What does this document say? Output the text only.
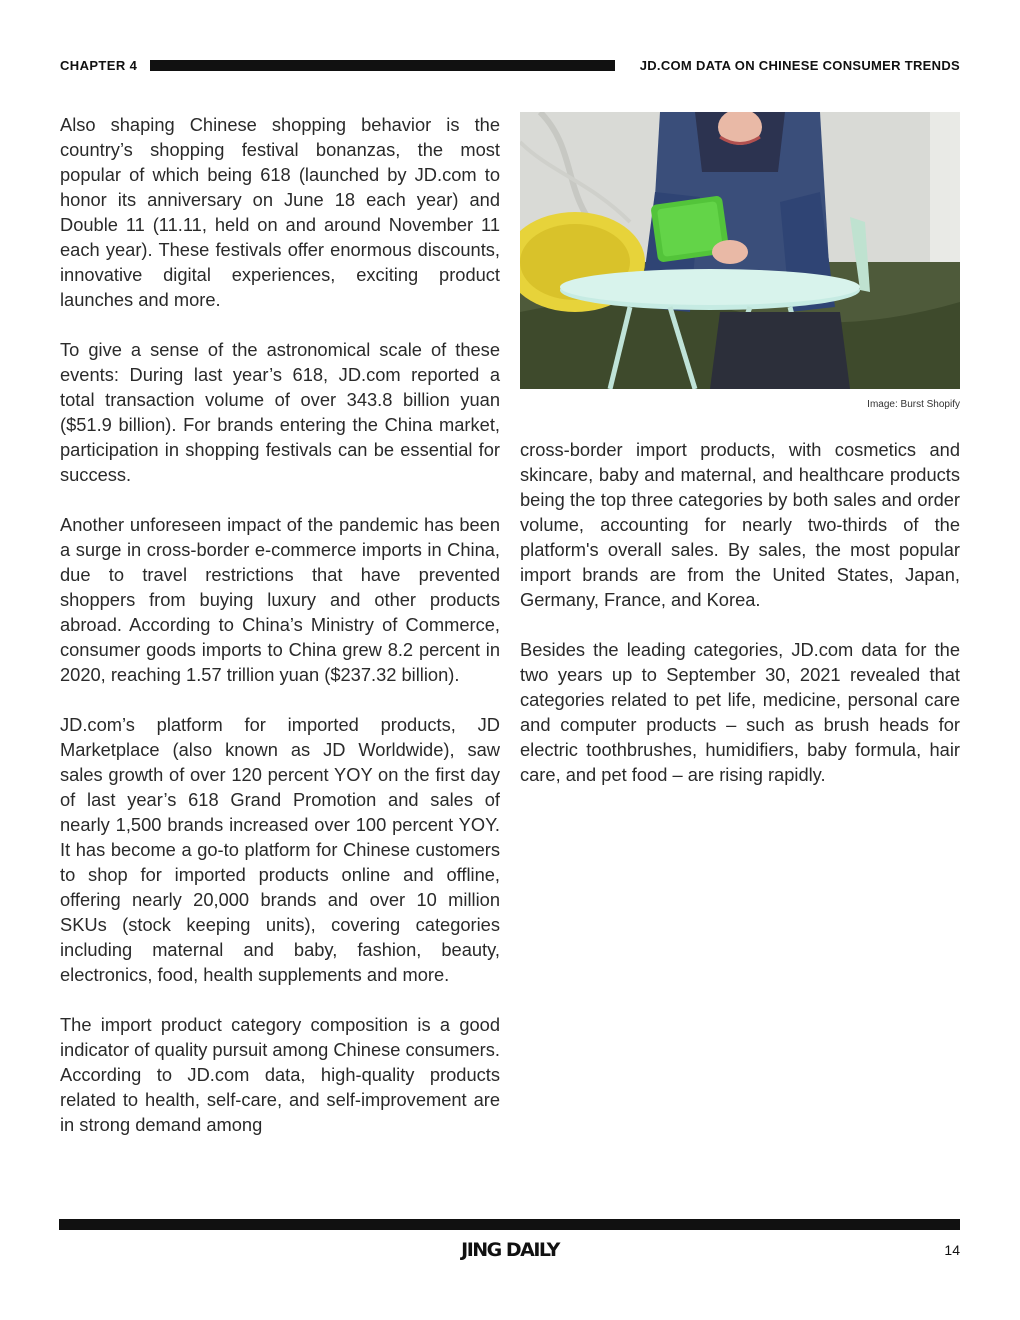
CHAPTER 4	JD.COM DATA ON CHINESE CONSUMER TRENDS

Also shaping Chinese shopping behavior is the country’s shopping festival bonanzas, the most popular of which being 618 (launched by JD.com to honor its anniversary on June 18 each year) and Double 11 (11.11, held on and around November 11 each year). These festivals offer enormous discounts, innovative digital experiences, exciting product launches and more.

To give a sense of the astronomical scale of these events: During last year’s 618, JD.com reported a total transaction volume of over 343.8 billion yuan ($51.9 billion). For brands entering the China market, participation in shopping festivals can be essential for success.

Another unforeseen impact of the pandemic has been a surge in cross-border e-commerce imports in China, due to travel restrictions that have prevented shoppers from buying luxury and other products abroad. According to China’s Ministry of Commerce, consumer goods imports to China grew 8.2 percent in 2020, reaching 1.57 trillion yuan ($237.32 billion).

JD.com’s platform for imported products, JD Marketplace (also known as JD Worldwide), saw sales growth of over 120 percent YOY on the first day of last year’s 618 Grand Promotion and sales of nearly 1,500 brands increased over 100 percent YOY. It has become a go-to platform for Chinese customers to shop for imported products online and offline, offering nearly 20,000 brands and over 10 million SKUs (stock keeping units), covering categories including maternal and baby, fashion, beauty, electronics, food, health supplements and more.

The import product category composition is a good indicator of quality pursuit among Chinese consumers. According to JD.com data, high-quality products related to health, self-care, and self-improvement are in strong demand among

Image: Burst Shopify

cross-border import products, with cosmetics and skincare, baby and maternal, and healthcare products being the top three categories by both sales and order volume, accounting for nearly two-thirds of the platform's overall sales. By sales, the most popular import brands are from the United States, Japan, Germany, France, and Korea.

Besides the leading categories, JD.com data for the two years up to September 30, 2021 revealed that categories related to pet life, medicine, personal care and computer products – such as brush heads for electric toothbrushes, humidifiers, baby formula, hair care, and pet food – are rising rapidly.

JING DAILY	14
